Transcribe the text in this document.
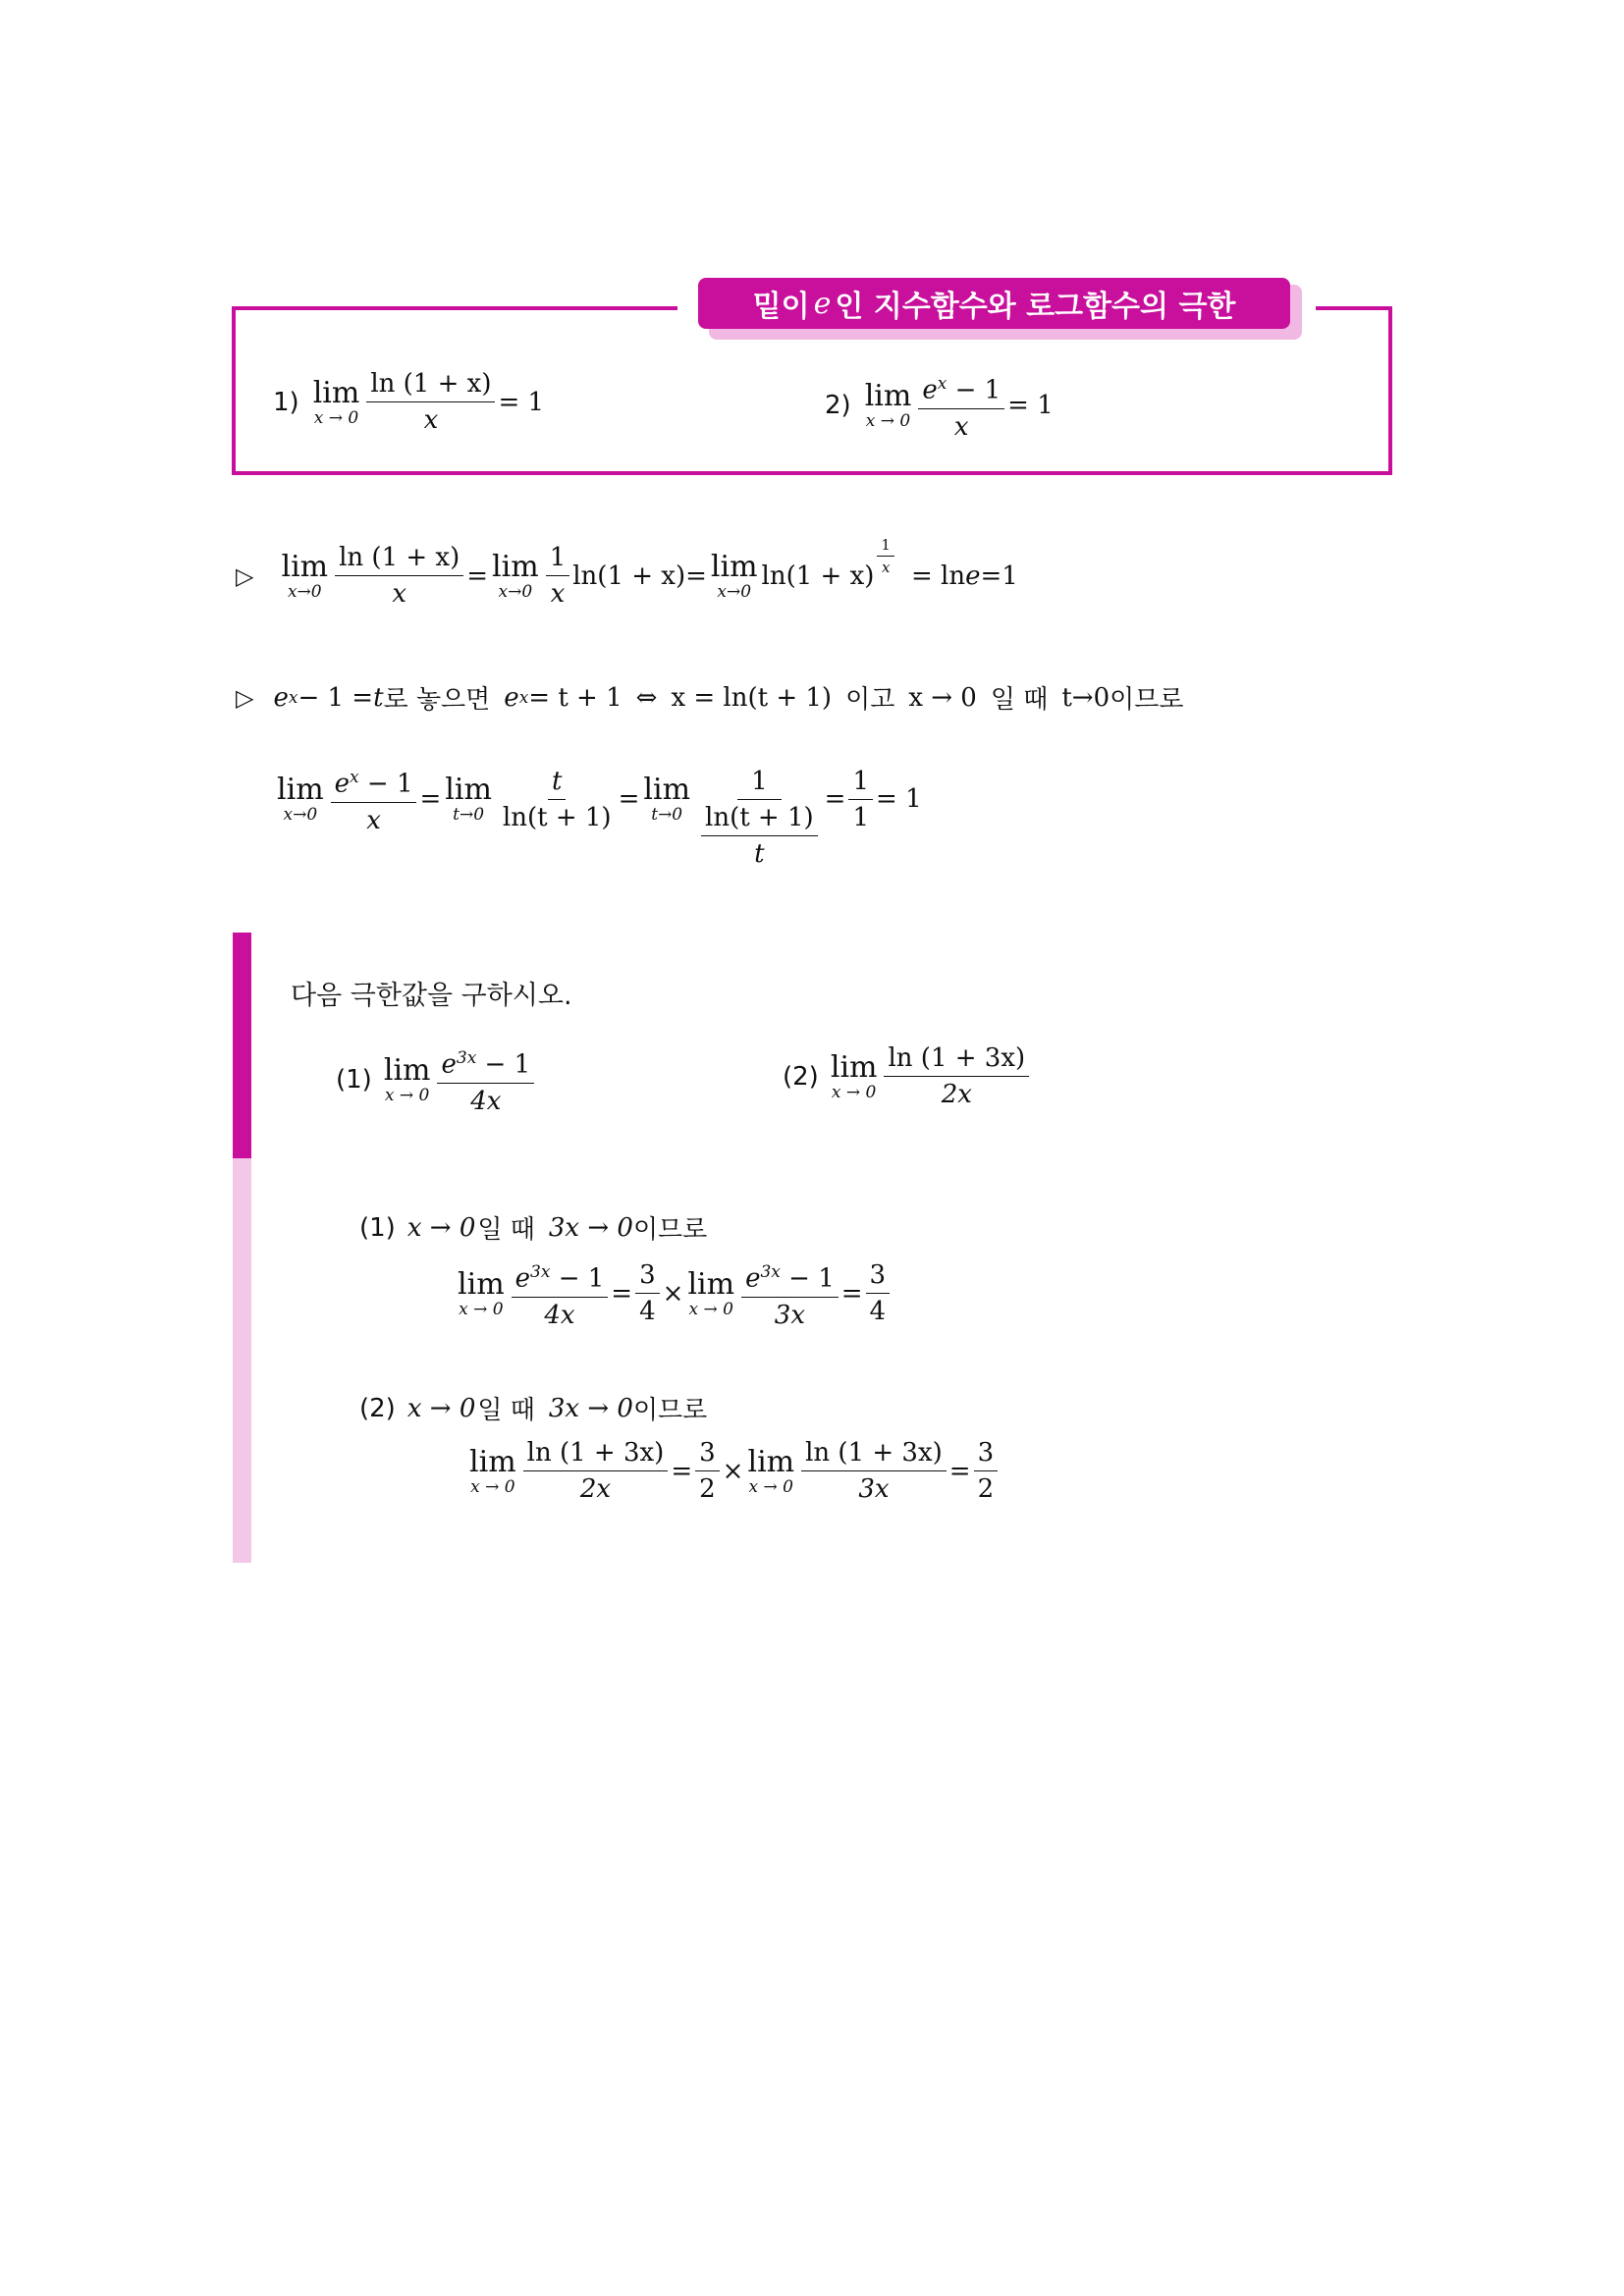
밑이 e 인 지수함수와 로그함수의 극한
1) lim
$x \to 0 \frac{\ln (1 + x)}{x} = 1$	2) lim
$x \to 0 \frac{e^x - 1}{x} = 1$
▷ lim
$x\to 0 \frac{\ln (1 + x)}{x} = \lim$
$x\to 0 \frac{1}{x} \ln(1 + x) = \lim$
x→0
$\ln(1 + x) \frac{1}{x} = \ln e =1$
▷ e x − 1 = t 로 놓으면 e x = t + 1 ⇔ x = ln(t + 1) 이고 x → 0 일 때 t→0 이므로
lim
$x\to 0 \frac{e^x - 1}{x} = \lim$
$t\to 0 \frac{t}{\ln(t + 1)} = \lim$
$t\to 0 \frac{1}{\frac{\ln(t + 1)}{t}} = \frac{1}{1} = 1$
다음 극한값을 구하시오.
(1) lim
$x \to 0 \frac{e^{3x} - 1}{4x}$	(2) lim
$x \to 0 \frac{\ln (1 + 3x)}{2x}$
(1) x → 0 일 때 3x → 0 이므로
lim
$x \to 0 \frac{e^{3x} - 1}{4x} = \frac{3}{4} \times \lim$
$x \to 0 \frac{e^{3x} - 1}{3x} = \frac{3}{4}$
(2) x → 0 일 때 3x → 0 이므로
lim
$x \to 0 \frac{\ln (1 + 3x)}{2x} = \frac{3}{2} \times \lim$
$x \to 0 \frac{\ln (1 + 3x)}{3x} = \frac{3}{2}$
